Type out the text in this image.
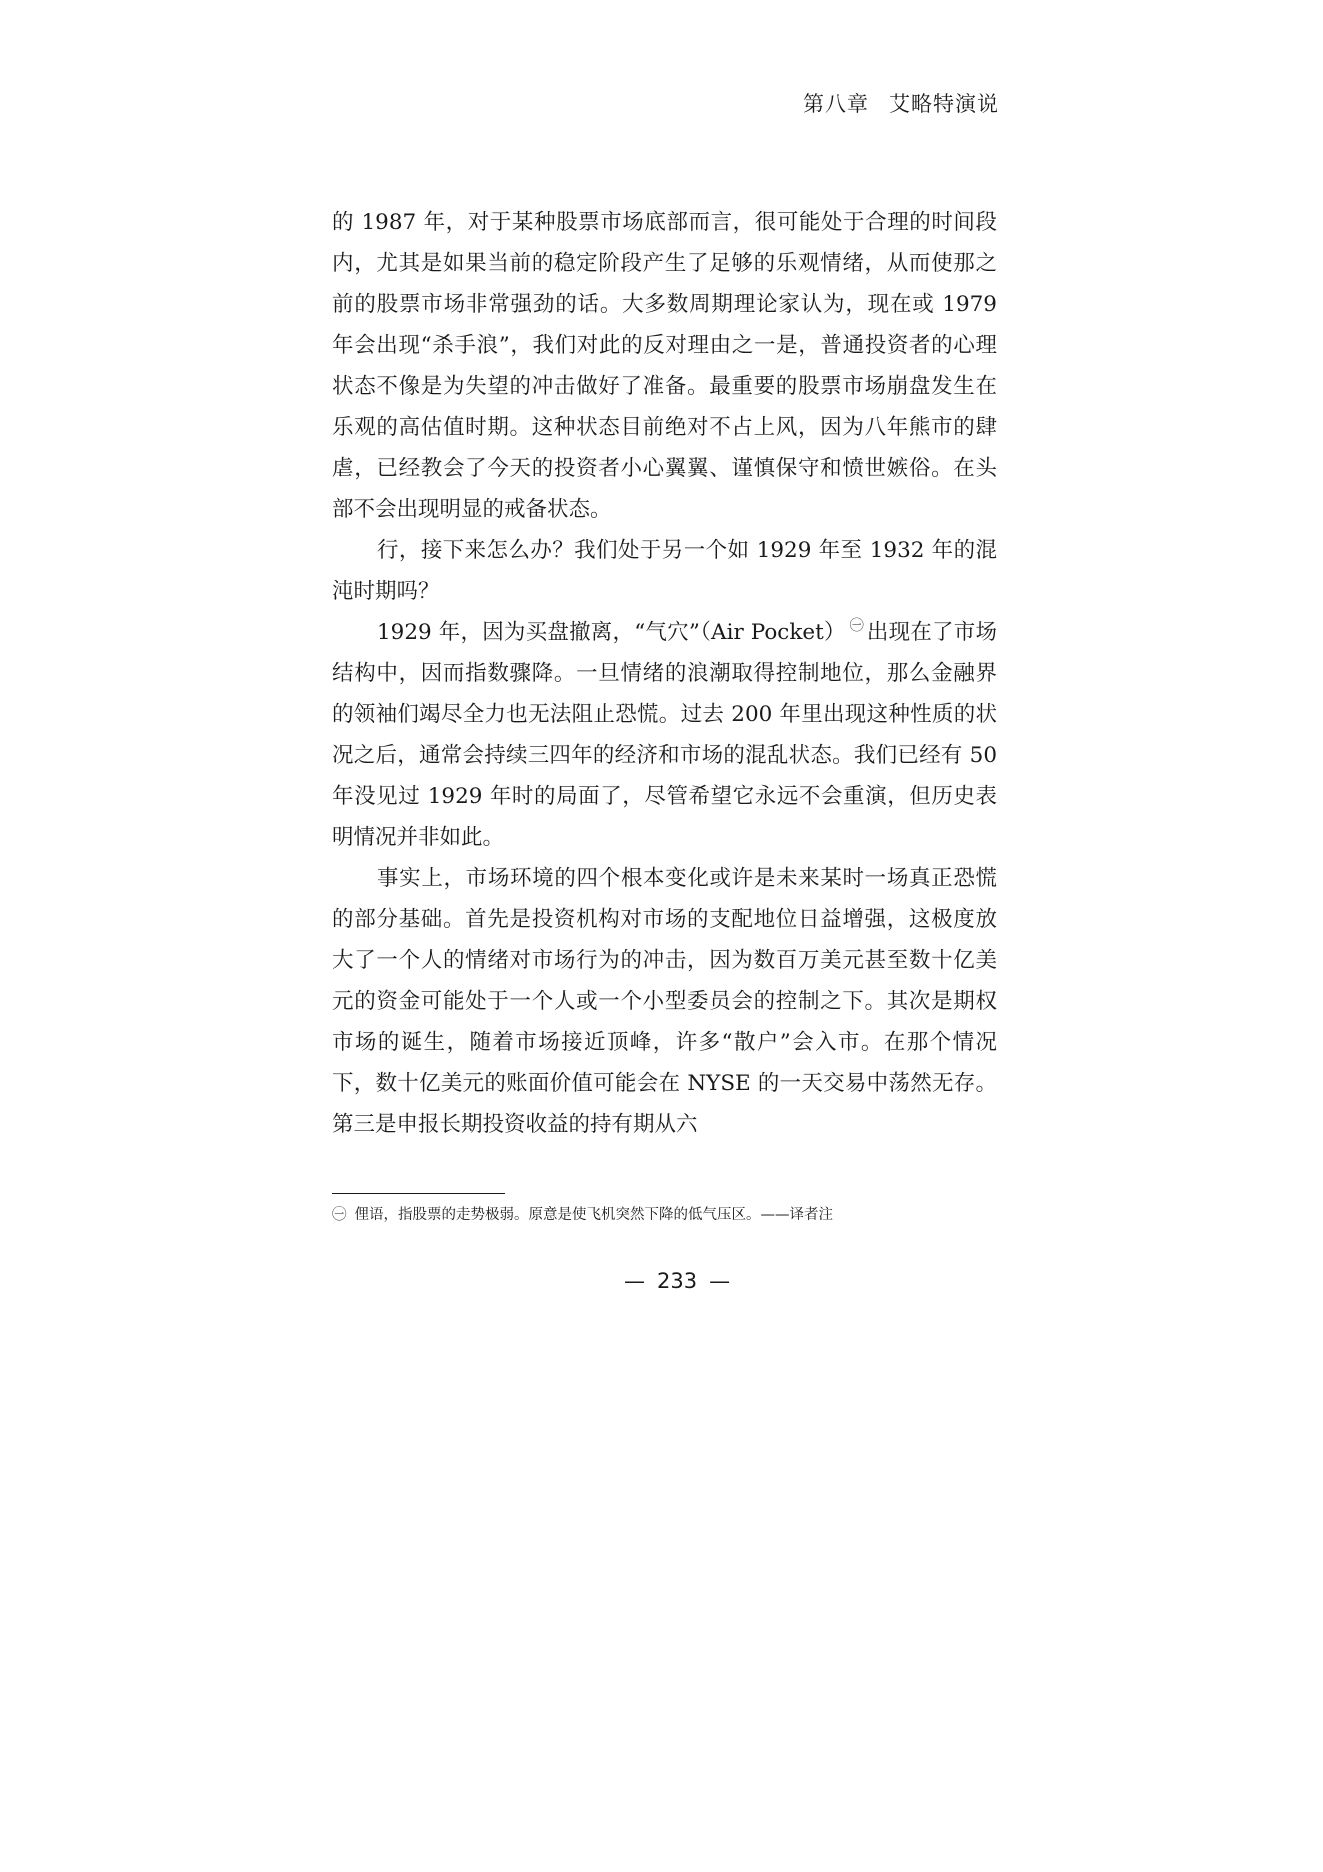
第八章 艾略特演说

的 1987 年，对于某种股票市场底部而言，很可能处于合理的时间段内，尤其是如果当前的稳定阶段产生了足够的乐观情绪，从而使那之前的股票市场非常强劲的话。大多数周期理论家认为，现在或 1979 年会出现“杀手浪”，我们对此的反对理由之一是，普通投资者的心理状态不像是为失望的冲击做好了准备。最重要的股票市场崩盘发生在乐观的高估值时期。这种状态目前绝对不占上风，因为八年熊市的肆虐，已经教会了今天的投资者小心翼翼、谨慎保守和愤世嫉俗。在头部不会出现明显的戒备状态。

行，接下来怎么办？我们处于另一个如 1929 年至 1932 年的混沌时期吗？

1929 年，因为买盘撤离，“气穴”（Air Pocket） $^㊀$ 出现在了市场结构中，因而指数骤降。一旦情绪的浪潮取得控制地位，那么金融界的领袖们竭尽全力也无法阻止恐慌。过去 200 年里出现这种性质的状况之后，通常会持续三四年的经济和市场的混乱状态。我们已经有 50 年没见过 1929 年时的局面了，尽管希望它永远不会重演，但历史表明情况并非如此。

事实上，市场环境的四个根本变化或许是未来某时一场真正恐慌的部分基础。首先是投资机构对市场的支配地位日益增强，这极度放大了一个人的情绪对市场行为的冲击，因为数百万美元甚至数十亿美元的资金可能处于一个人或一个小型委员会的控制之下。其次是期权市场的诞生，随着市场接近顶峰，许多“散户”会入市。在那个情况下，数十亿美元的账面价值可能会在 NYSE 的一天交易中荡然无存。第三是申报长期投资收益的持有期从六

㊀ 俚语，指股票的走势极弱。原意是使飞机突然下降的低气压区。——译者注
— 233 —
